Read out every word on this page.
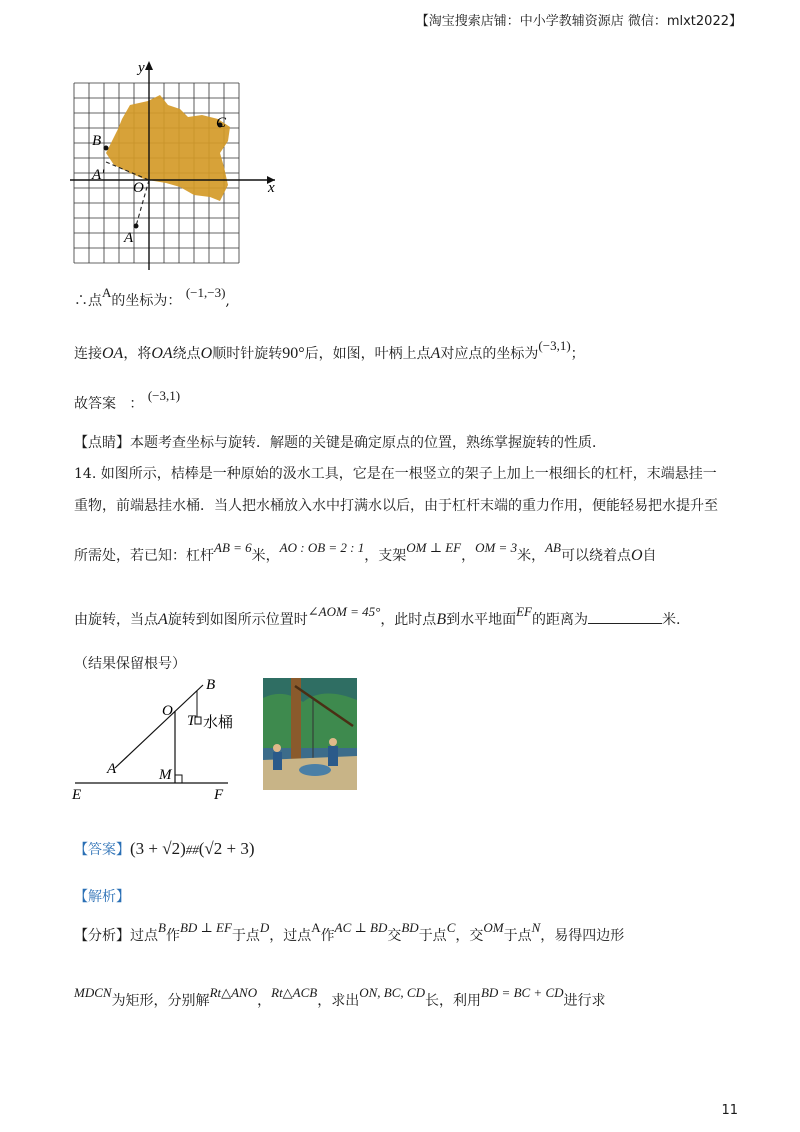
【淘宝搜索店铺：中小学教辅资源店 微信：mlxt2022】
y
x
B
C
A'
O
A
∴点A的坐标为： (−1,−3),
连接OA，将OA绕点O顺时针旋转90°后，如图，叶柄上点A对应点的坐标为(−3,1)；
故答案 ： (−3,1)
【点睛】本题考查坐标与旋转．解题的关键是确定原点的位置，熟练掌握旋转的性质．
14. 如图所示，桔棒是一种原始的汲水工具，它是在一根竖立的架子上加上一根细长的杠杆，末端悬挂一
重物，前端悬挂水桶．当人把水桶放入水中打满水以后，由于杠杆末端的重力作用，便能轻易把水提升至
所需处，若已知：杠杆AB = 6米，AO : OB = 2 : 1，支架OM ⊥ EF，OM = 3米，AB可以绕着点O自
由旋转，当点A旋转到如图所示位置时∠AOM = 45°，此时点B到水平地面EF的距离为	米.
（结果保留根号）
B
O
T 水桶
A	M
E	F
【答案】(3 + √2)##(√2 + 3)
【解析】
【分析】过点B作BD ⊥ EF于点D，过点A作AC ⊥ BD交BD于点C，交OM于点N，易得四边形
MDCN为矩形，分别解Rt△ANO，Rt△ACB，求出ON, BC, CD长，利用BD = BC + CD进行求
11
